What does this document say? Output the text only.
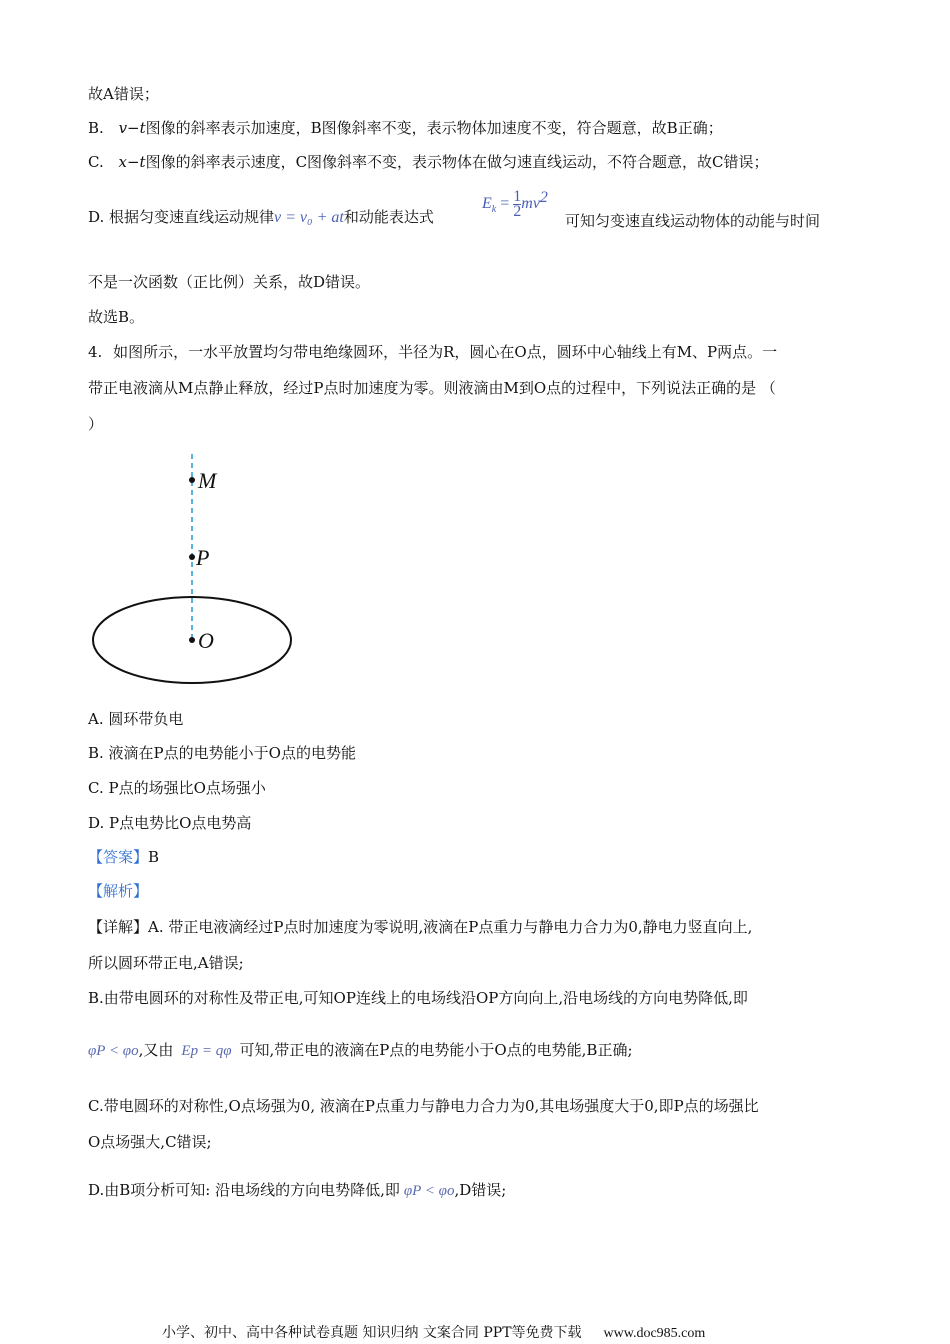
故A错误；
B. v−t图像的斜率表示加速度，B图像斜率不变，表示物体加速度不变，符合题意，故B正确；
C. x−t图像的斜率表示速度，C图像斜率不变，表示物体在做匀速直线运动，不符合题意，故C错误；
D. 根据匀变速直线运动规律v = v₀ + at和动能表达式
$E_k = \frac{1}{2} mv^2$
可知匀变速直线运动物体的动能与时间
不是一次函数（正比例）关系，故D错误。
故选B。
4. 如图所示，一水平放置均匀带电绝缘圆环，半径为R，圆心在O点，圆环中心轴线上有M、P两点。一
带正电液滴从M点静止释放，经过P点时加速度为零。则液滴由M到O点的过程中，下列说法正确的是 （
）
M
P
O
A. 圆环带负电
B. 液滴在P点的电势能小于O点的电势能
C. P点的场强比O点场强小
D. P点电势比O点电势高
【答案】B
【解析】
【详解】A. 带正电液滴经过P点时加速度为零说明,液滴在P点重力与静电力合力为0,静电力竖直向上,
所以圆环带正电,A错误;
B.由带电圆环的对称性及带正电,可知OP连线上的电场线沿OP方向向上,沿电场线的方向电势降低,即
φP < φo,又由 Ep = qφ 可知,带正电的液滴在P点的电势能小于O点的电势能,B正确;
C.带电圆环的对称性,O点场强为0, 液滴在P点重力与静电力合力为0,其电场强度大于0,即P点的场强比
O点场强大,C错误;
D.由B项分析可知: 沿电场线的方向电势降低,即 φP < φo,D错误;
小学、初中、高中各种试卷真题 知识归纳 文案合同 PPT等免费下载 www.doc985.com
